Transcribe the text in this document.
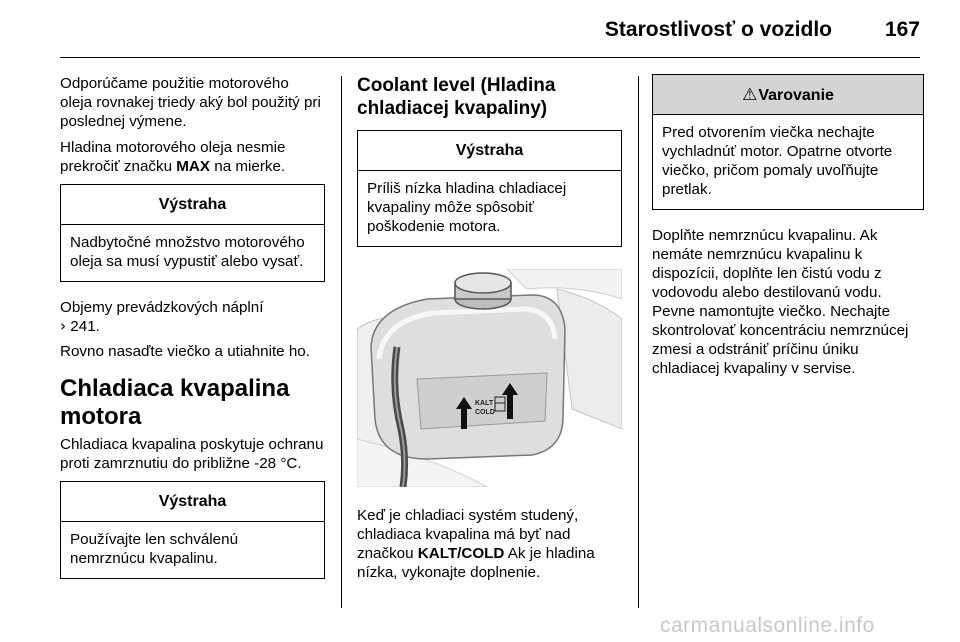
Starostlivosť o vozidlo	167

Odporúčame použitie motorového oleja rovnakej triedy aký bol použitý pri poslednej výmene.

Hladina motorového oleja nesmie prekročiť značku MAX na mierke.

Výstraha
Nadbytočné množstvo motorového oleja sa musí vypustiť alebo vysať.

Objemy prevádzkových náplní
› 241.

Rovno nasaďte viečko a utiahnite ho.

Chladiaca kvapalina motora

Chladiaca kvapalina poskytuje ochranu proti zamrznutiu do približne -28 °C.

Výstraha
Používajte len schválenú nemrznúcu kvapalinu.
Coolant level (Hladina chladiacej kvapaliny)
Výstraha
Príliš nízka hladina chladiacej kvapaliny môže spôsobiť poškodenie motora.
KALT
COLD

Keď je chladiaci systém studený, chladiaca kvapalina má byť nad značkou KALT/COLD Ak je hladina nízka, vykonajte doplnenie.

⚠Varovanie
Pred otvorením viečka nechajte vychladnúť motor. Opatrne otvorte viečko, pričom pomaly uvoľňujte pretlak.

Doplňte nemrznúcu kvapalinu. Ak nemáte nemrznúcu kvapalinu k dispozícii, doplňte len čistú vodu z vodovodu alebo destilovanú vodu. Pevne namontujte viečko. Nechajte skontrolovať koncentráciu nemrznúcej zmesi a odstrániť príčinu úniku chladiacej kvapaliny v servise.

carmanualsonline.info
